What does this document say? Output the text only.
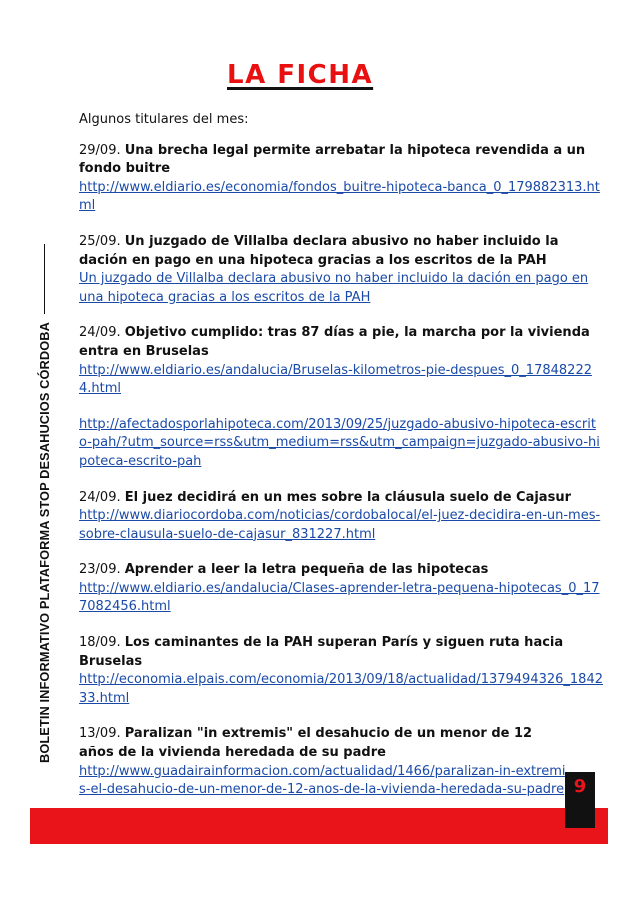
BOLETIN INFORMATIVO PLATAFORMA STOP DESAHUCIOS CÓRDOBA
LA FICHA

Algunos titulares del mes:

29/09. Una brecha legal permite arrebatar la hipoteca revendida a un fondo buitre
http://www.eldiario.es/economia/fondos_buitre-hipoteca-banca_0_179882313.html

25/09. Un juzgado de Villalba declara abusivo no haber incluido la dación en pago en una hipoteca gracias a los escritos de la PAH
Un juzgado de Villalba declara abusivo no haber incluido la dación en pago en una hipoteca gracias a los escritos de la PAH

24/09. Objetivo cumplido: tras 87 días a pie, la marcha por la vivienda entra en Bruselas
http://www.eldiario.es/andalucia/Bruselas-kilometros-pie-despues_0_178482224.html

http://afectadosporlahipoteca.com/2013/09/25/juzgado-abusivo-hipoteca-escrito-pah/?utm_source=rss&utm_medium=rss&utm_campaign=juzgado-abusivo-hipoteca-escrito-pah

24/09. El juez decidirá en un mes sobre la cláusula suelo de Cajasur
http://www.diariocordoba.com/noticias/cordobalocal/el-juez-decidira-en-un-mes-sobre-clausula-suelo-de-cajasur_831227.html

23/09. Aprender a leer la letra pequeña de las hipotecas
http://www.eldiario.es/andalucia/Clases-aprender-letra-pequena-hipotecas_0_177082456.html

18/09. Los caminantes de la PAH superan París y siguen ruta hacia Bruselas
http://economia.elpais.com/economia/2013/09/18/actualidad/1379494326_184233.html

13/09. Paralizan "in extremis" el desahucio de un menor de 12 años de la vivienda heredada de su padre
http://www.guadairainformacion.com/actualidad/1466/paralizan-in-extremis-el-desahucio-de-un-menor-de-12-anos-de-la-vivienda-heredada-su-padre 9
